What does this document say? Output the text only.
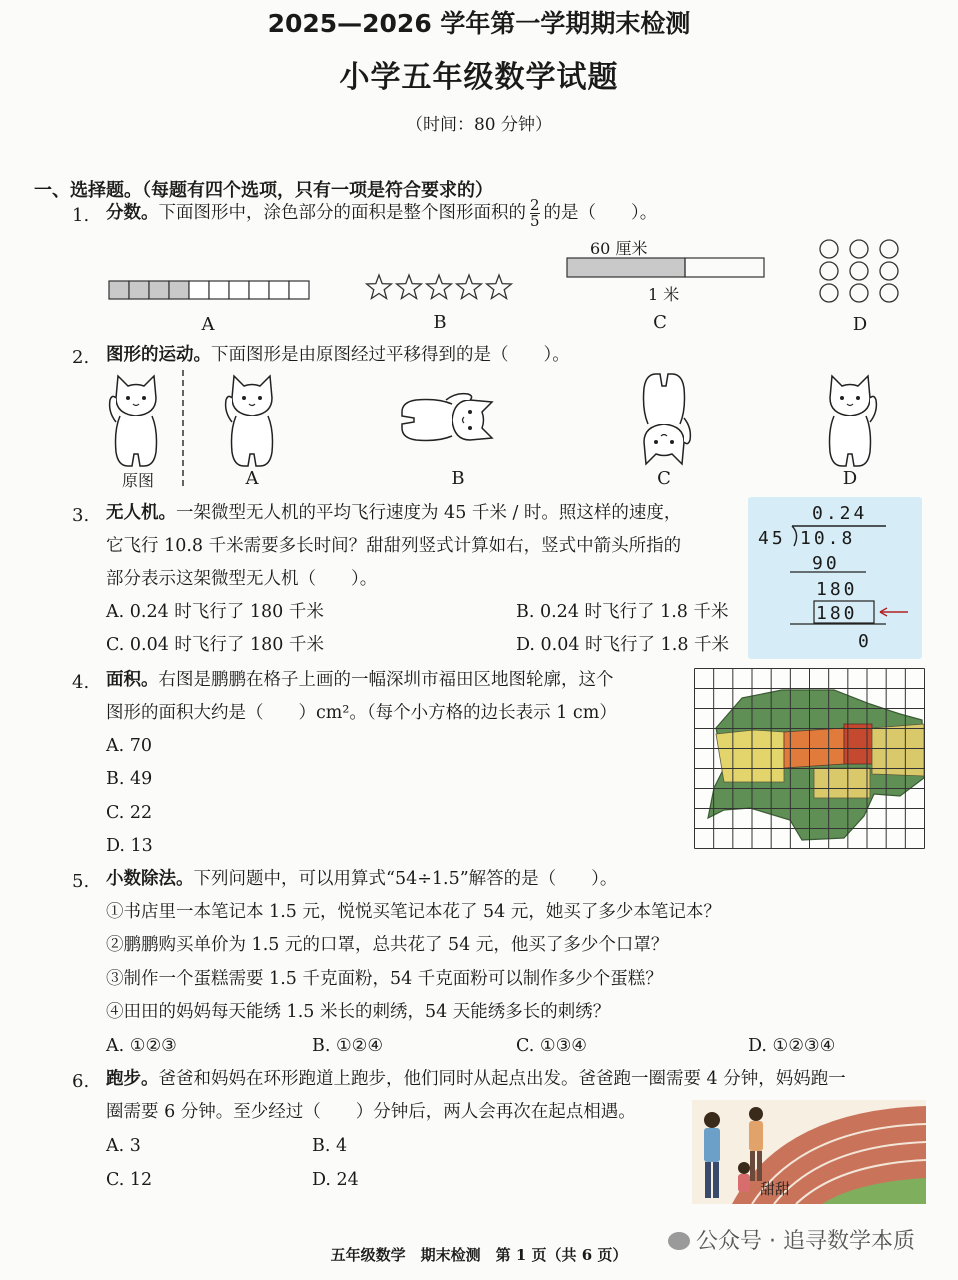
2025—2026 学年第一学期期末检测
小学五年级数学试题
（时间：80 分钟）
一、选择题。（每题有四个选项，只有一项是符合要求的）
1. 分数。下面图形中，涂色部分的面积是整个图形面积的 $\frac{2}{5}$ 的是（　　）。
60 厘米
1 米
A	B	C	D
2. 图形的运动。下面图形是由原图经过平移得到的是（　　）。
原图	A	B	C	D
3. 无人机。一架微型无人机的平均飞行速度为 45 千米 / 时。照这样的速度，
它飞行 10.8 千米需要多长时间？甜甜列竖式计算如右，竖式中箭头所指的
部分表示这架微型无人机（　　）。
A. 0.24 时飞行了 180 千米	B. 0.24 时飞行了 1.8 千米
C. 0.04 时飞行了 180 千米	D. 0.04 时飞行了 1.8 千米
0.24
45 10.8
90
180
180
0
4. 面积。右图是鹏鹏在格子上画的一幅深圳市福田区地图轮廓，这个
图形的面积大约是（　　）cm²。（每个小方格的边长表示 1 cm）
A. 70
B. 49
C. 22
D. 13
5. 小数除法。下列问题中，可以用算式“54÷1.5”解答的是（　　）。
①书店里一本笔记本 1.5 元，悦悦买笔记本花了 54 元，她买了多少本笔记本？
②鹏鹏购买单价为 1.5 元的口罩，总共花了 54 元，他买了多少个口罩？
③制作一个蛋糕需要 1.5 千克面粉，54 千克面粉可以制作多少个蛋糕？
④田田的妈妈每天能绣 1.5 米长的刺绣，54 天能绣多长的刺绣？
A. ①②③	B. ①②④	C. ①③④	D. ①②③④
6. 跑步。爸爸和妈妈在环形跑道上跑步，他们同时从起点出发。爸爸跑一圈需要 4 分钟，妈妈跑一
圈需要 6 分钟。至少经过（　　）分钟后，两人会再次在起点相遇。
A. 3	B. 4
C. 12	D. 24	甜甜
五年级数学　期末检测　第 1 页（共 6 页）
公众号 · 追寻数学本质
